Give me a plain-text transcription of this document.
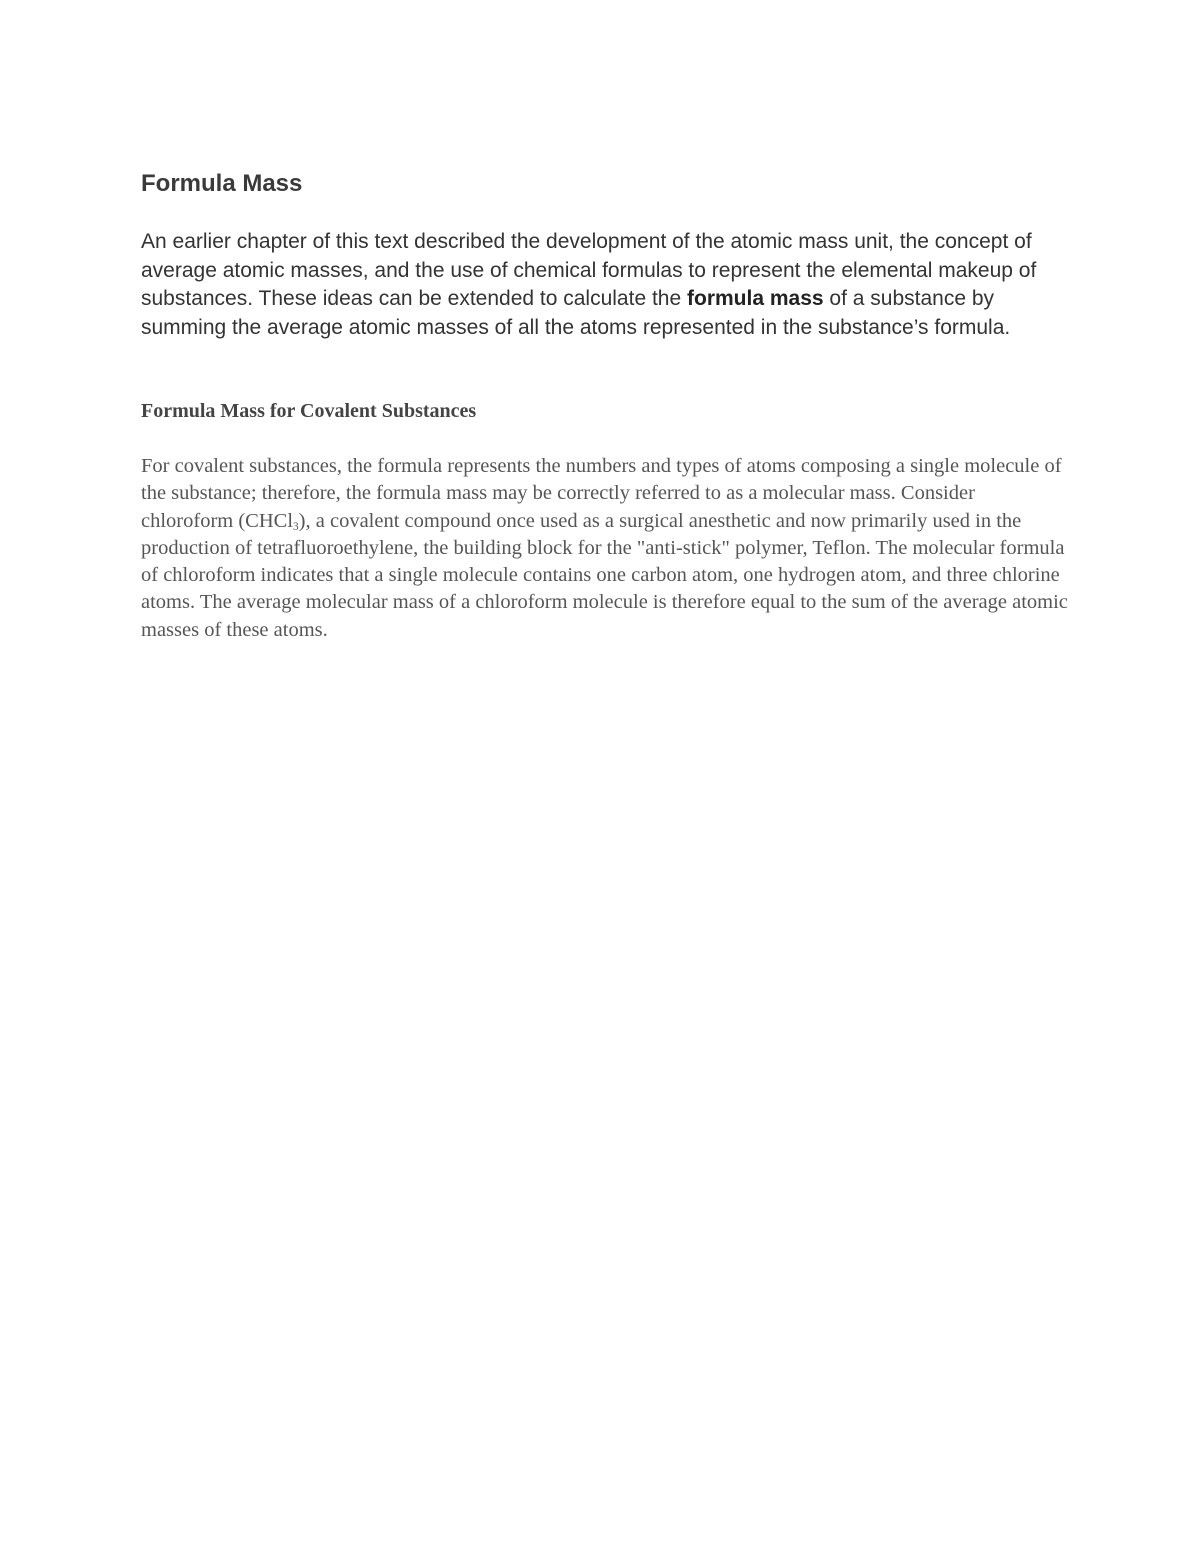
Formula Mass

An earlier chapter of this text described the development of the atomic mass unit, the concept of average atomic masses, and the use of chemical formulas to represent the elemental makeup of substances. These ideas can be extended to calculate the formula mass of a substance by summing the average atomic masses of all the atoms represented in the substance’s formula.

Formula Mass for Covalent Substances

For covalent substances, the formula represents the numbers and types of atoms composing a single molecule of the substance; therefore, the formula mass may be correctly referred to as a molecular mass. Consider chloroform (CHCl$_3$), a covalent compound once used as a surgical anesthetic and now primarily used in the production of tetrafluoroethylene, the building block for the "anti-stick" polymer, Teflon. The molecular formula of chloroform indicates that a single molecule contains one carbon atom, one hydrogen atom, and three chlorine atoms. The average molecular mass of a chloroform molecule is therefore equal to the sum of the average atomic masses of these atoms.
